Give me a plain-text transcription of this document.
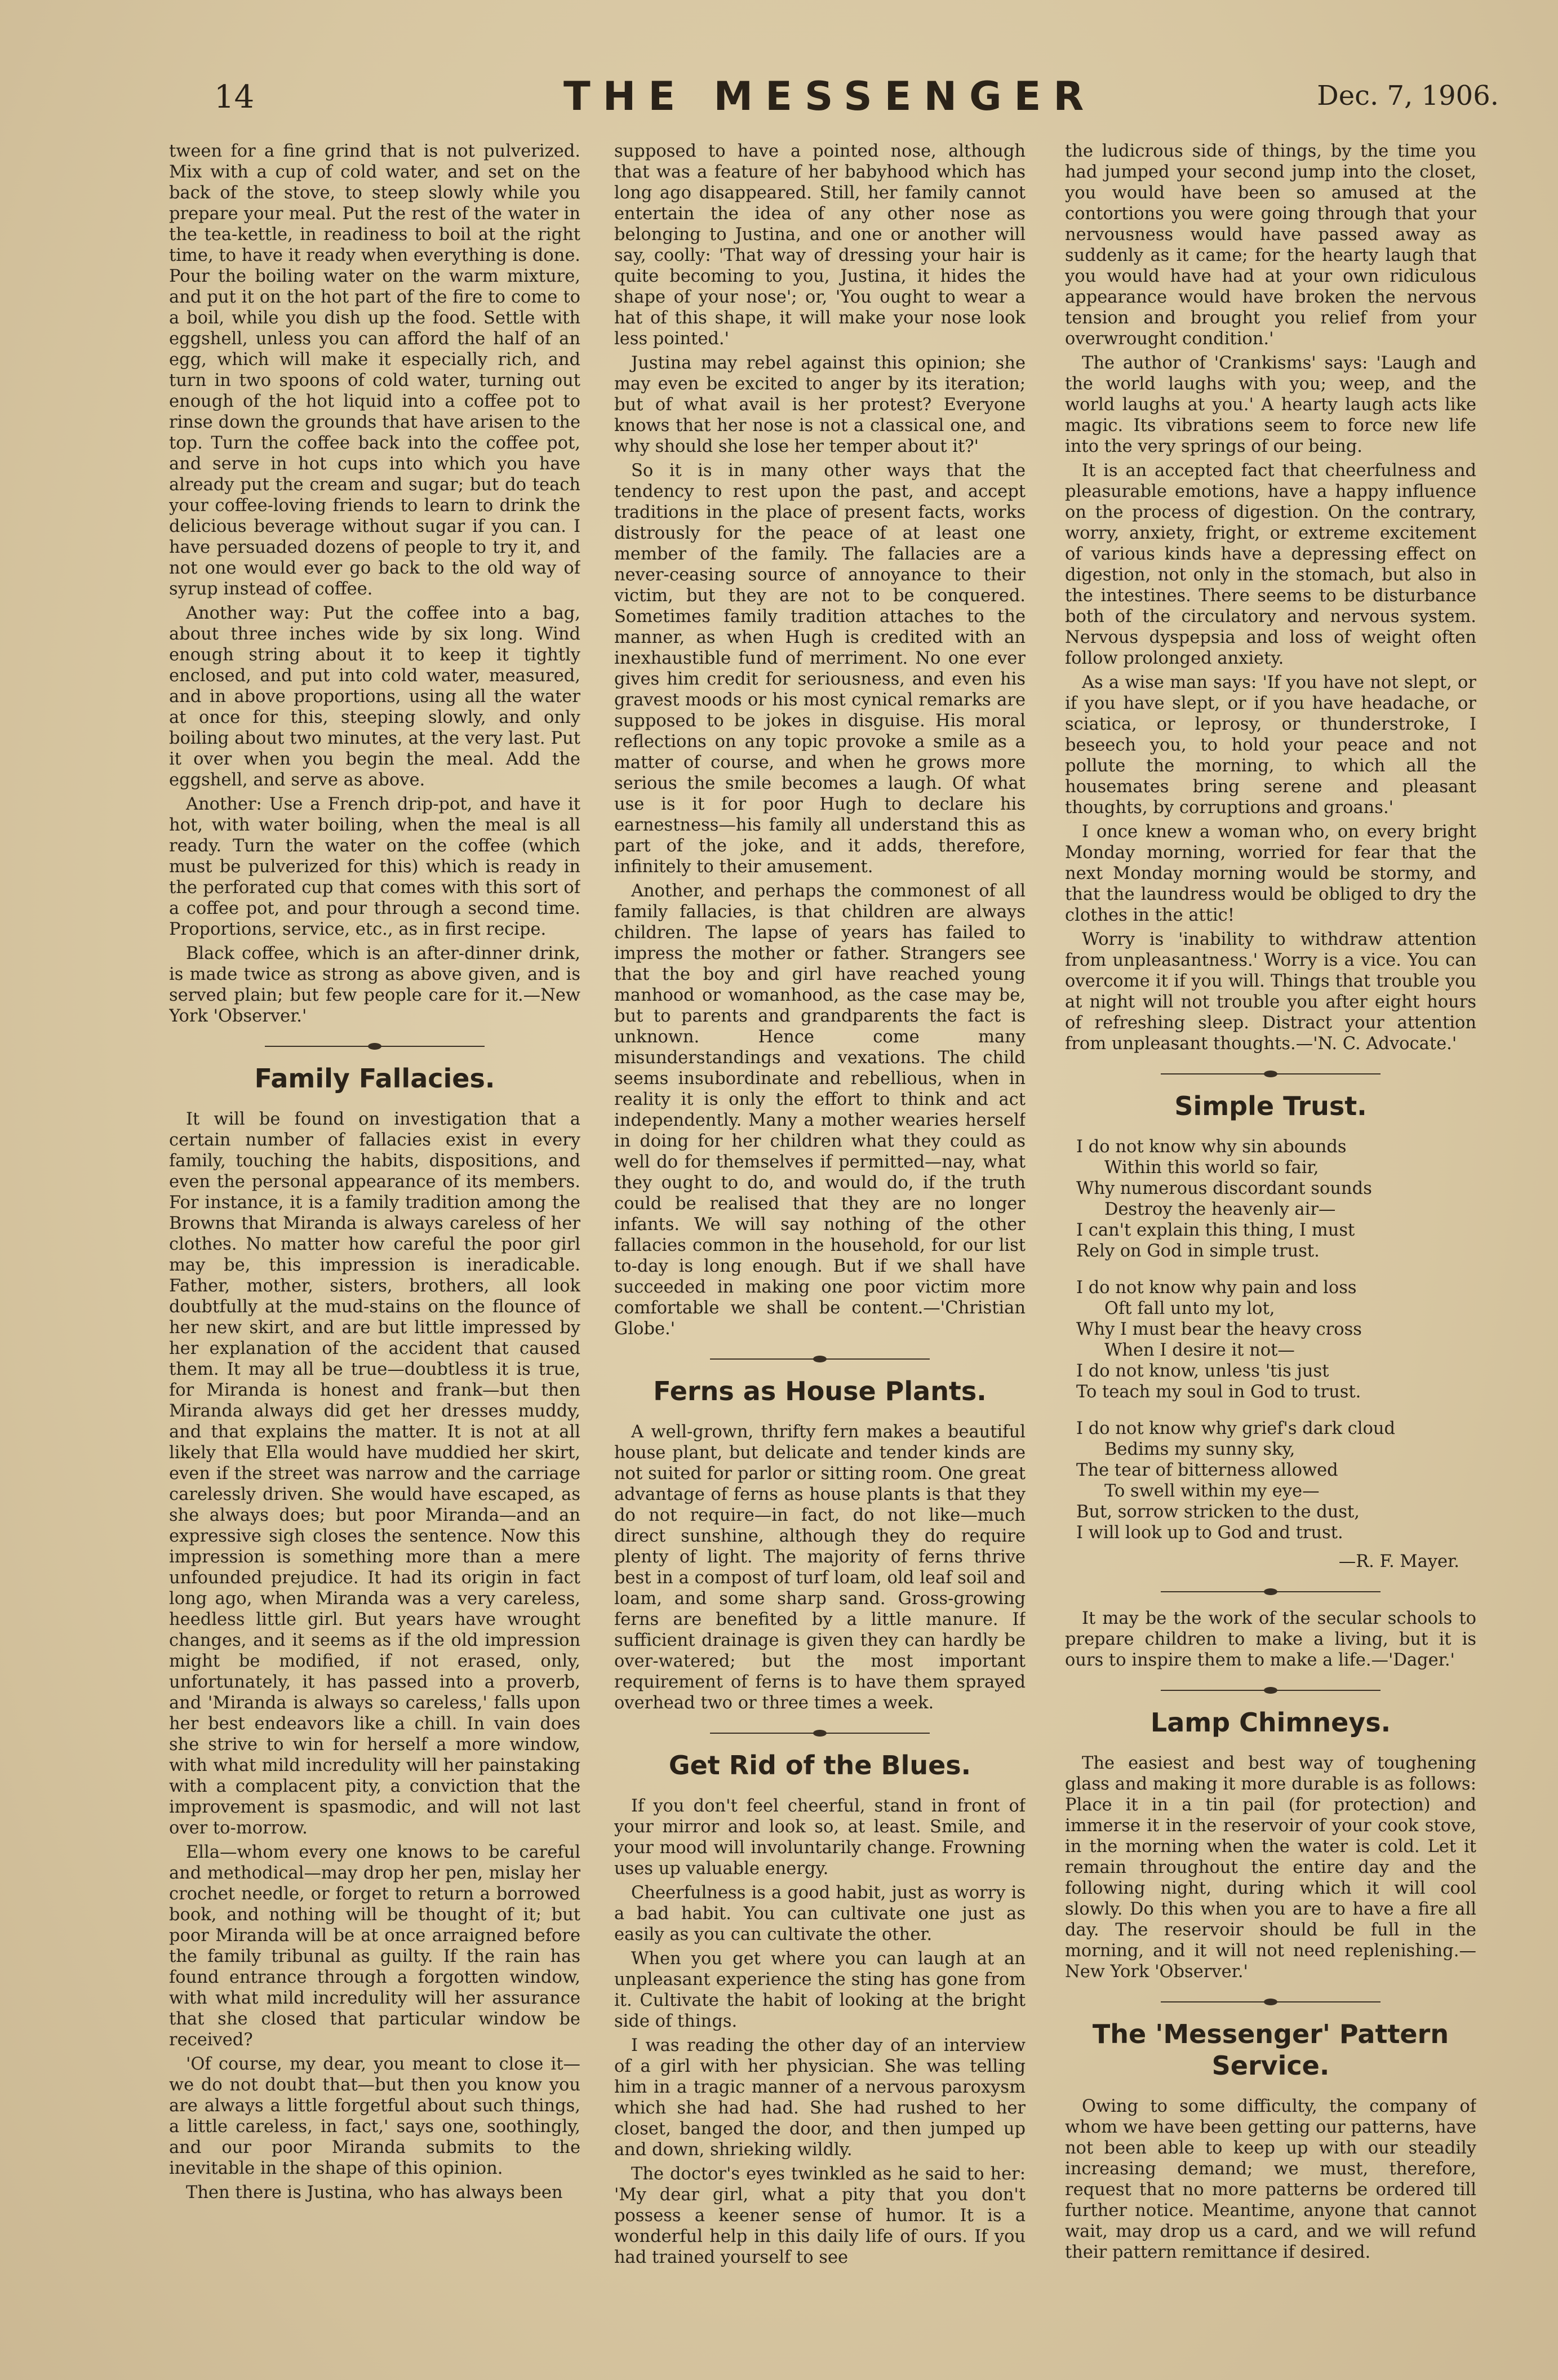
14	THE MESSENGER	Dec. 7, 1906.

tween for a fine grind that is not pulverized. Mix with a cup of cold water, and set on the back of the stove, to steep slowly while you prepare your meal. Put the rest of the water in the tea-kettle, in readiness to boil at the right time, to have it ready when everything is done. Pour the boiling water on the warm mixture, and put it on the hot part of the fire to come to a boil, while you dish up the food. Settle with eggshell, unless you can afford the half of an egg, which will make it especially rich, and turn in two spoons of cold water, turning out enough of the hot liquid into a coffee pot to rinse down the grounds that have arisen to the top. Turn the coffee back into the coffee pot, and serve in hot cups into which you have already put the cream and sugar; but do teach your coffee-loving friends to learn to drink the delicious beverage without sugar if you can. I have persuaded dozens of people to try it, and not one would ever go back to the old way of syrup instead of coffee.

Another way: Put the coffee into a bag, about three inches wide by six long. Wind enough string about it to keep it tightly enclosed, and put into cold water, measured, and in above proportions, using all the water at once for this, steeping slowly, and only boiling about two minutes, at the very last. Put it over when you begin the meal. Add the eggshell, and serve as above.

Another: Use a French drip-pot, and have it hot, with water boiling, when the meal is all ready. Turn the water on the coffee (which must be pulverized for this) which is ready in the perforated cup that comes with this sort of a coffee pot, and pour through a second time. Proportions, service, etc., as in first recipe.

Black coffee, which is an after-dinner drink, is made twice as strong as above given, and is served plain; but few people care for it.—New York 'Observer.'

Family Fallacies.

It will be found on investigation that a certain number of fallacies exist in every family, touching the habits, dispositions, and even the personal appearance of its members. For instance, it is a family tradition among the Browns that Miranda is always careless of her clothes. No matter how careful the poor girl may be, this impression is ineradicable. Father, mother, sisters, brothers, all look doubtfully at the mud-stains on the flounce of her new skirt, and are but little impressed by her explanation of the accident that caused them. It may all be true—doubtless it is true, for Miranda is honest and frank—but then Miranda always did get her dresses muddy, and that explains the matter. It is not at all likely that Ella would have muddied her skirt, even if the street was narrow and the carriage carelessly driven. She would have escaped, as she always does; but poor Miranda—and an expressive sigh closes the sentence. Now this impression is something more than a mere unfounded prejudice. It had its origin in fact long ago, when Miranda was a very careless, heedless little girl. But years have wrought changes, and it seems as if the old impression might be modified, if not erased, only, unfortunately, it has passed into a proverb, and 'Miranda is always so careless,' falls upon her best endeavors like a chill. In vain does she strive to win for herself a more window, with what mild incredulity will her painstaking with a complacent pity, a conviction that the improvement is spasmodic, and will not last over to-morrow.

Ella—whom every one knows to be careful and methodical—may drop her pen, mislay her crochet needle, or forget to return a borrowed book, and nothing will be thought of it; but poor Miranda will be at once arraigned before the family tribunal as guilty. If the rain has found entrance through a forgotten window, with what mild incredulity will her assurance that she closed that particular window be received?

'Of course, my dear, you meant to close it—we do not doubt that—but then you know you are always a little forgetful about such things, a little careless, in fact,' says one, soothingly, and our poor Miranda submits to the inevitable in the shape of this opinion.

Then there is Justina, who has always been

supposed to have a pointed nose, although that was a feature of her babyhood which has long ago disappeared. Still, her family cannot entertain the idea of any other nose as belonging to Justina, and one or another will say, coolly: 'That way of dressing your hair is quite becoming to you, Justina, it hides the shape of your nose'; or, 'You ought to wear a hat of this shape, it will make your nose look less pointed.'

Justina may rebel against this opinion; she may even be excited to anger by its iteration; but of what avail is her protest? Everyone knows that her nose is not a classical one, and why should she lose her temper about it?'

So it is in many other ways that the tendency to rest upon the past, and accept traditions in the place of present facts, works distrously for the peace of at least one member of the family. The fallacies are a never-ceasing source of annoyance to their victim, but they are not to be conquered. Sometimes family tradition attaches to the manner, as when Hugh is credited with an inexhaustible fund of merriment. No one ever gives him credit for seriousness, and even his gravest moods or his most cynical remarks are supposed to be jokes in disguise. His moral reflections on any topic provoke a smile as a matter of course, and when he grows more serious the smile becomes a laugh. Of what use is it for poor Hugh to declare his earnestness—his family all understand this as part of the joke, and it adds, therefore, infinitely to their amusement.

Another, and perhaps the commonest of all family fallacies, is that children are always children. The lapse of years has failed to impress the mother or father. Strangers see that the boy and girl have reached young manhood or womanhood, as the case may be, but to parents and grandparents the fact is unknown. Hence come many misunderstandings and vexations. The child seems insubordinate and rebellious, when in reality it is only the effort to think and act independently. Many a mother wearies herself in doing for her children what they could as well do for themselves if permitted—nay, what they ought to do, and would do, if the truth could be realised that they are no longer infants. We will say nothing of the other fallacies common in the household, for our list to-day is long enough. But if we shall have succeeded in making one poor victim more comfortable we shall be content.—'Christian Globe.'

Ferns as House Plants.

A well-grown, thrifty fern makes a beautiful house plant, but delicate and tender kinds are not suited for parlor or sitting room. One great advantage of ferns as house plants is that they do not require—in fact, do not like—much direct sunshine, although they do require plenty of light. The majority of ferns thrive best in a compost of turf loam, old leaf soil and loam, and some sharp sand. Gross-growing ferns are benefited by a little manure. If sufficient drainage is given they can hardly be over-watered; but the most important requirement of ferns is to have them sprayed overhead two or three times a week.

Get Rid of the Blues.

If you don't feel cheerful, stand in front of your mirror and look so, at least. Smile, and your mood will involuntarily change. Frowning uses up valuable energy.

Cheerfulness is a good habit, just as worry is a bad habit. You can cultivate one just as easily as you can cultivate the other.

When you get where you can laugh at an unpleasant experience the sting has gone from it. Cultivate the habit of looking at the bright side of things.

I was reading the other day of an interview of a girl with her physician. She was telling him in a tragic manner of a nervous paroxysm which she had had. She had rushed to her closet, banged the door, and then jumped up and down, shrieking wildly.

The doctor's eyes twinkled as he said to her: 'My dear girl, what a pity that you don't possess a keener sense of humor. It is a wonderful help in this daily life of ours. If you had trained yourself to see

the ludicrous side of things, by the time you had jumped your second jump into the closet, you would have been so amused at the contortions you were going through that your nervousness would have passed away as suddenly as it came; for the hearty laugh that you would have had at your own ridiculous appearance would have broken the nervous tension and brought you relief from your overwrought condition.'

The author of 'Crankisms' says: 'Laugh and the world laughs with you; weep, and the world laughs at you.' A hearty laugh acts like magic. Its vibrations seem to force new life into the very springs of our being.

It is an accepted fact that cheerfulness and pleasurable emotions, have a happy influence on the process of digestion. On the contrary, worry, anxiety, fright, or extreme excitement of various kinds have a depressing effect on digestion, not only in the stomach, but also in the intestines. There seems to be disturbance both of the circulatory and nervous system. Nervous dyspepsia and loss of weight often follow prolonged anxiety.

As a wise man says: 'If you have not slept, or if you have slept, or if you have headache, or sciatica, or leprosy, or thunderstroke, I beseech you, to hold your peace and not pollute the morning, to which all the housemates bring serene and pleasant thoughts, by corruptions and groans.'

I once knew a woman who, on every bright Monday morning, worried for fear that the next Monday morning would be stormy, and that the laundress would be obliged to dry the clothes in the attic!

Worry is 'inability to withdraw attention from unpleasantness.' Worry is a vice. You can overcome it if you will. Things that trouble you at night will not trouble you after eight hours of refreshing sleep. Distract your attention from unpleasant thoughts.—'N. C. Advocate.'

Simple Trust.
I do not know why sin abounds
Within this world so fair,
Why numerous discordant sounds
Destroy the heavenly air—
I can't explain this thing, I must
Rely on God in simple trust.
I do not know why pain and loss
Oft fall unto my lot,
Why I must bear the heavy cross
When I desire it not—
I do not know, unless 'tis just
To teach my soul in God to trust.
I do not know why grief's dark cloud
Bedims my sunny sky,
The tear of bitterness allowed
To swell within my eye—
But, sorrow stricken to the dust,
I will look up to God and trust.
—R. F. Mayer.

It may be the work of the secular schools to prepare children to make a living, but it is ours to inspire them to make a life.—'Dager.'

Lamp Chimneys.

The easiest and best way of toughening glass and making it more durable is as follows: Place it in a tin pail (for protection) and immerse it in the reservoir of your cook stove, in the morning when the water is cold. Let it remain throughout the entire day and the following night, during which it will cool slowly. Do this when you are to have a fire all day. The reservoir should be full in the morning, and it will not need replenishing.—New York 'Observer.'

The 'Messenger' Pattern Service.

Owing to some difficulty, the company of whom we have been getting our patterns, have not been able to keep up with our steadily increasing demand; we must, therefore, request that no more patterns be ordered till further notice. Meantime, anyone that cannot wait, may drop us a card, and we will refund their pattern remittance if desired.
